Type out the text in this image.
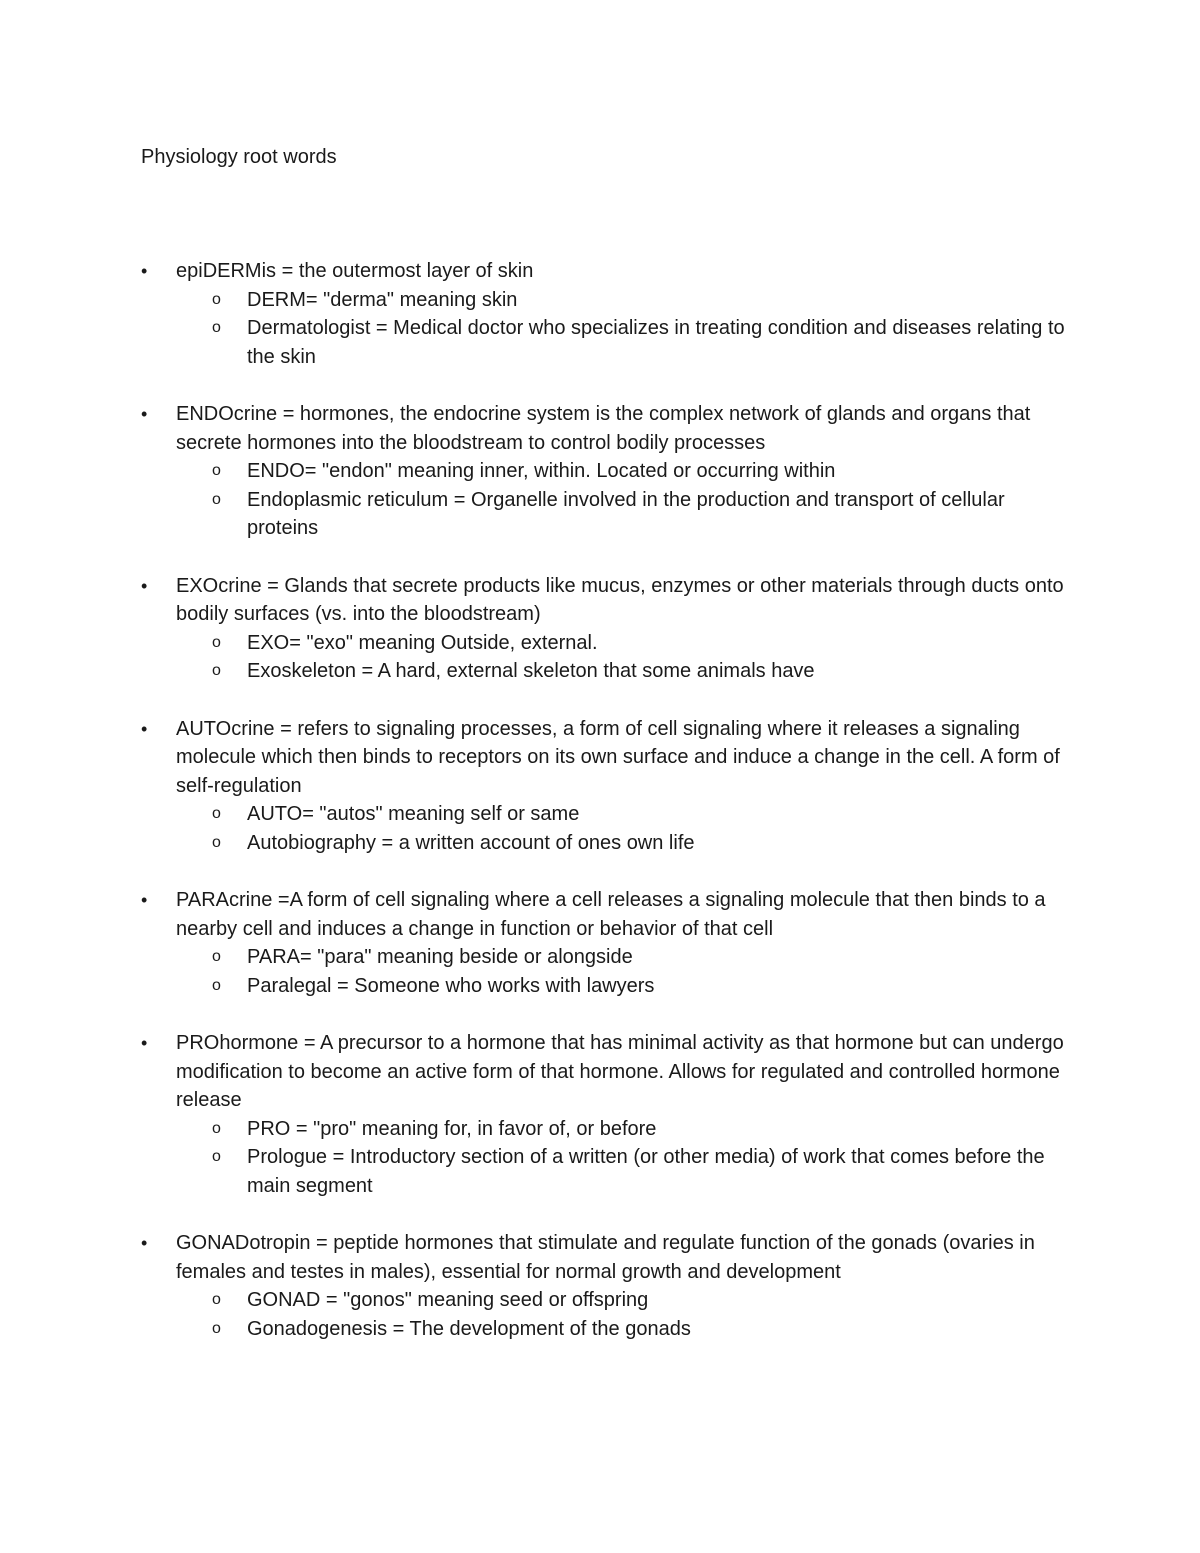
Physiology root words
• epiDERMis = the outermost layer of skin

o DERM= "derma" meaning skin
o Dermatologist = Medical doctor who specializes in treating condition and diseases relating to the skin
• ENDOcrine = hormones, the endocrine system is the complex network of glands and organs that secrete hormones into the bloodstream to control bodily processes

o ENDO= "endon" meaning inner, within. Located or occurring within
o Endoplasmic reticulum = Organelle involved in the production and transport of cellular proteins
• EXOcrine = Glands that secrete products like mucus, enzymes or other materials through ducts onto bodily surfaces (vs. into the bloodstream)

o EXO= "exo" meaning Outside, external.
o Exoskeleton = A hard, external skeleton that some animals have
• AUTOcrine = refers to signaling processes, a form of cell signaling where it releases a signaling molecule which then binds to receptors on its own surface and induce a change in the cell. A form of self-regulation

o AUTO= "autos" meaning self or same
o Autobiography = a written account of ones own life
• PARAcrine =A form of cell signaling where a cell releases a signaling molecule that then binds to a nearby cell and induces a change in function or behavior of that cell

o PARA= "para" meaning beside or alongside
o Paralegal = Someone who works with lawyers
• PROhormone = A precursor to a hormone that has minimal activity as that hormone but can undergo modification to become an active form of that hormone. Allows for regulated and controlled hormone release

o PRO = "pro" meaning for, in favor of, or before
o Prologue = Introductory section of a written (or other media) of work that comes before the main segment
• GONADotropin = peptide hormones that stimulate and regulate function of the gonads (ovaries in females and testes in males), essential for normal growth and development

o GONAD = "gonos" meaning seed or offspring
o Gonadogenesis = The development of the gonads
